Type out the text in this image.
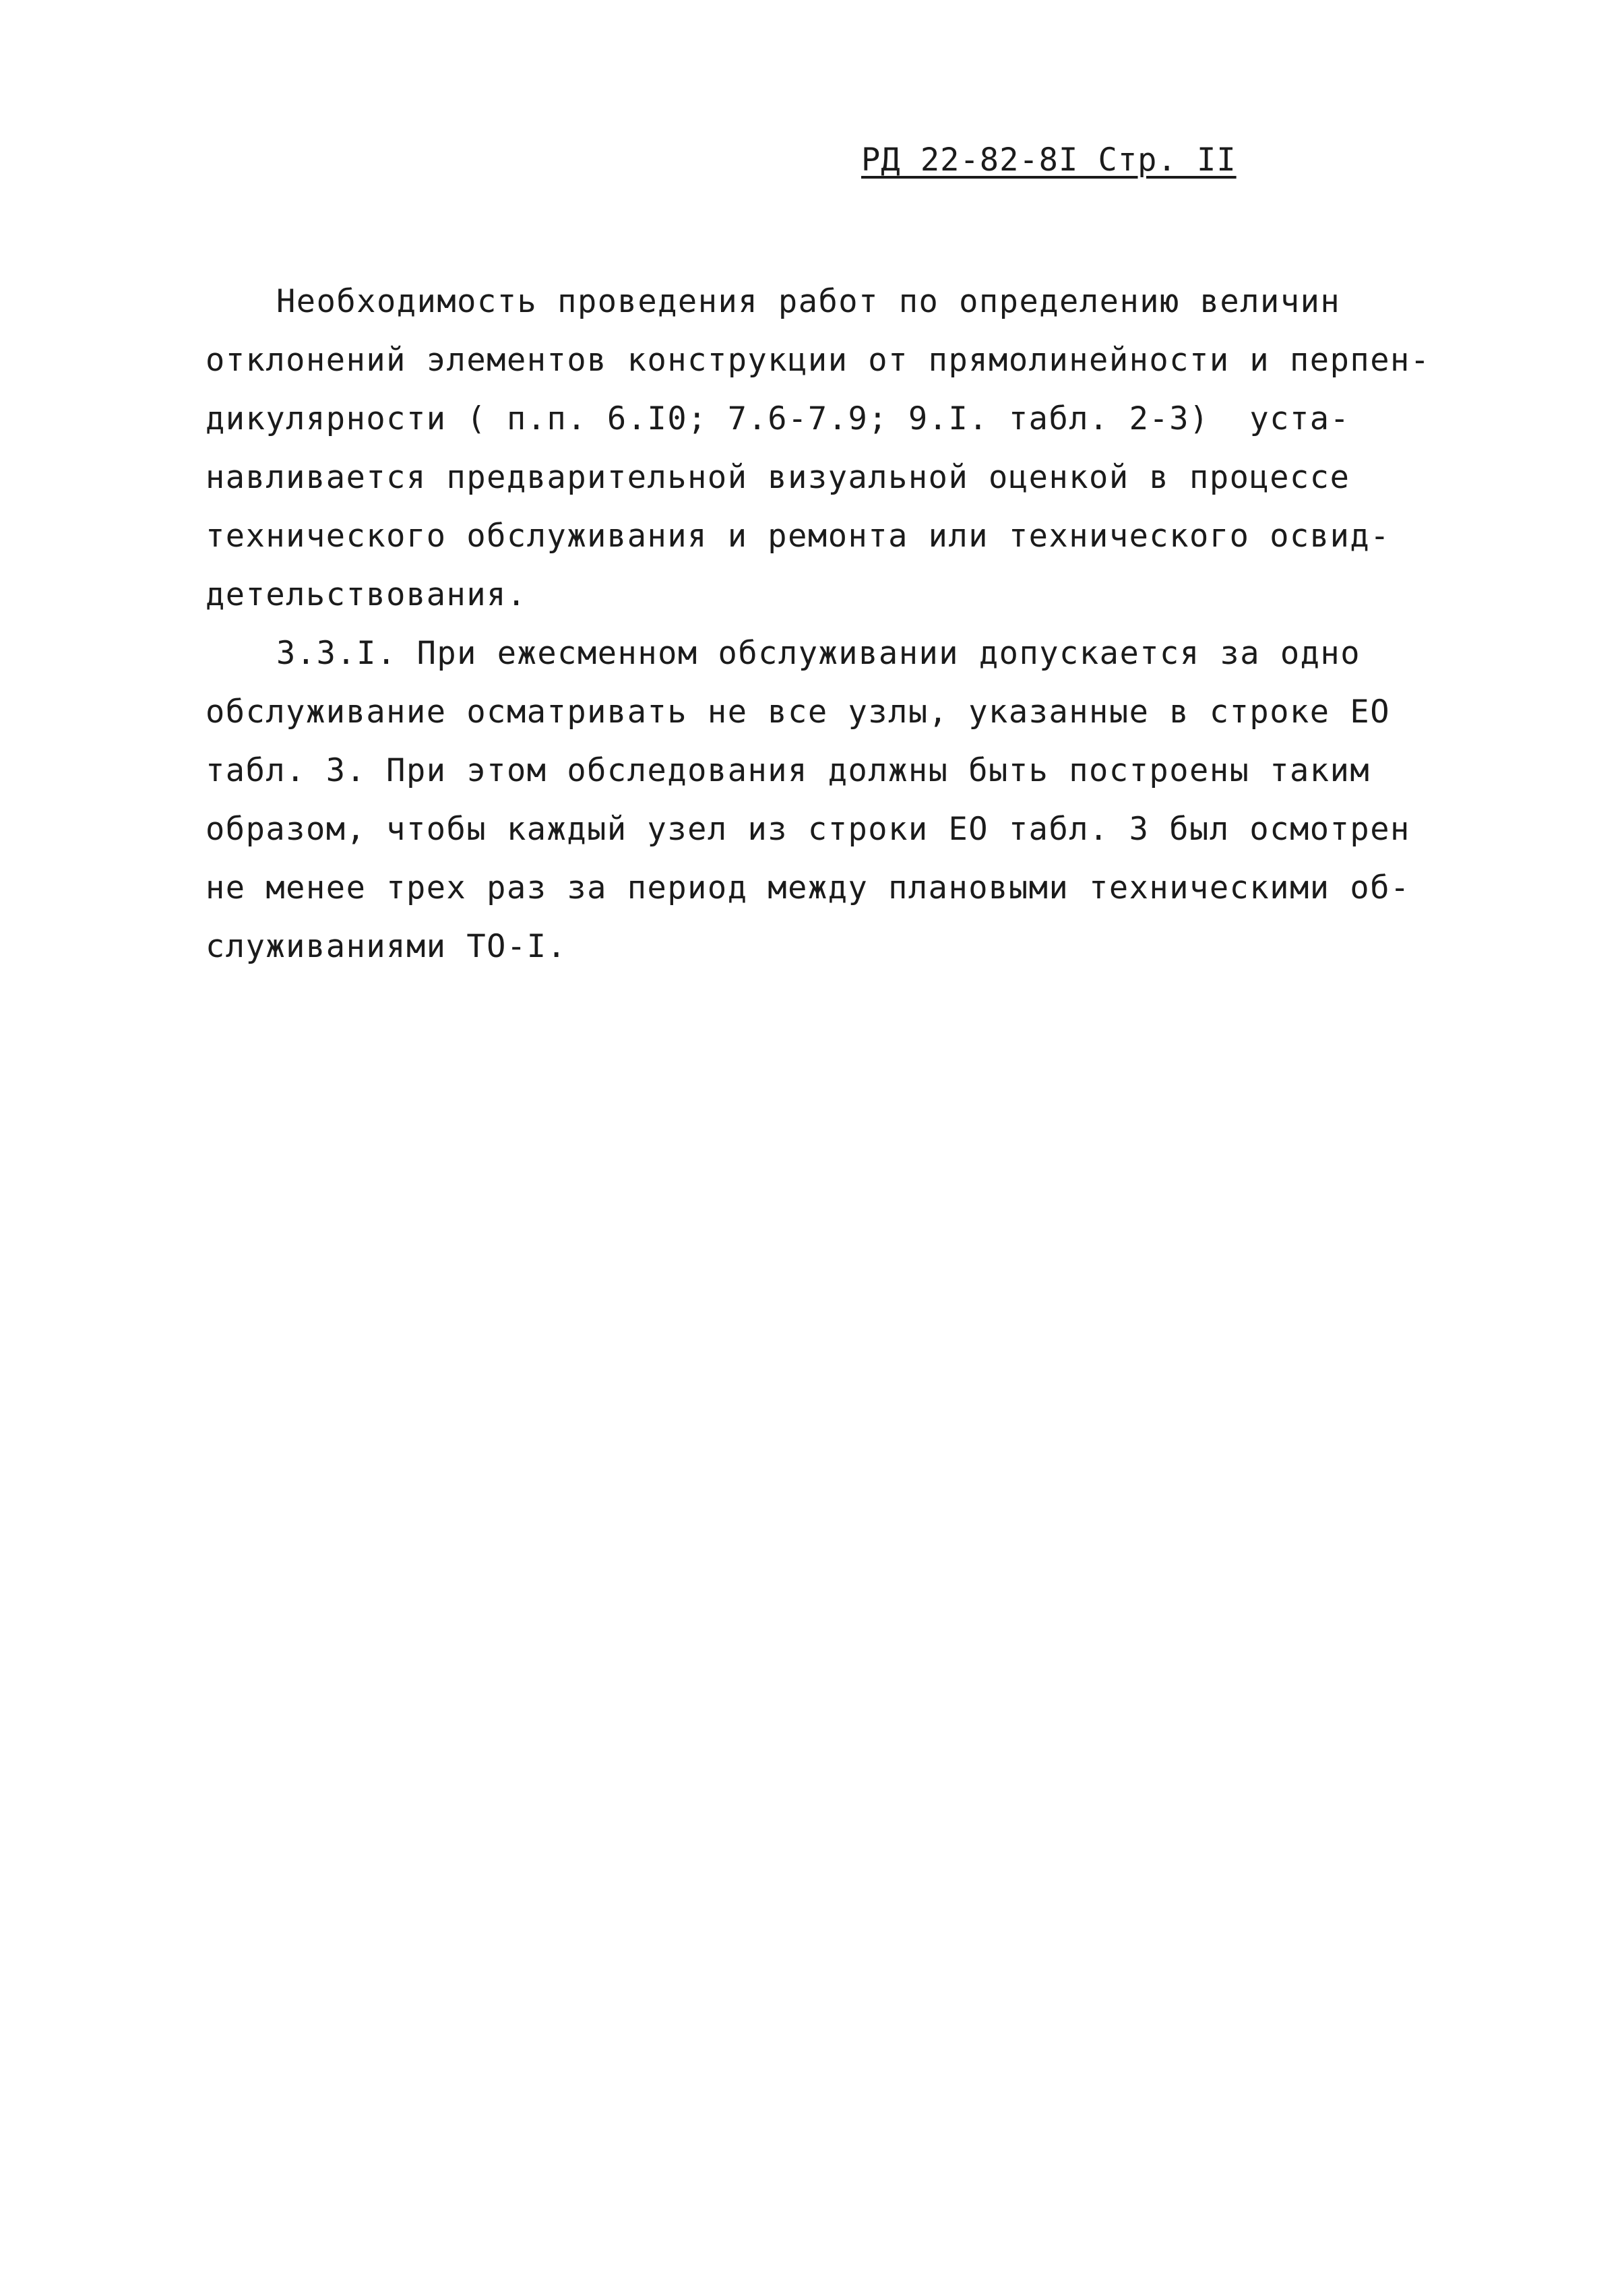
РД 22-82-8I Стр. II
Необходимость проведения работ по определению величин
отклонений элементов конструкции от прямолинейности и перпен-
дикулярности ( п.п. 6.I0; 7.6-7.9; 9.I. табл. 2-3)  уста-
навливается предварительной визуальной оценкой в процессе
технического обслуживания и ремонта или технического освид-
детельствования.
3.3.I. При ежесменном обслуживании допускается за одно
обслуживание осматривать не все узлы, указанные в строке ЕО
табл. 3. При этом обследования должны быть построены таким
образом, чтобы каждый узел из строки ЕО табл. 3 был осмотрен
не менее трех раз за период между плановыми техническими об-
служиваниями ТО-I.
